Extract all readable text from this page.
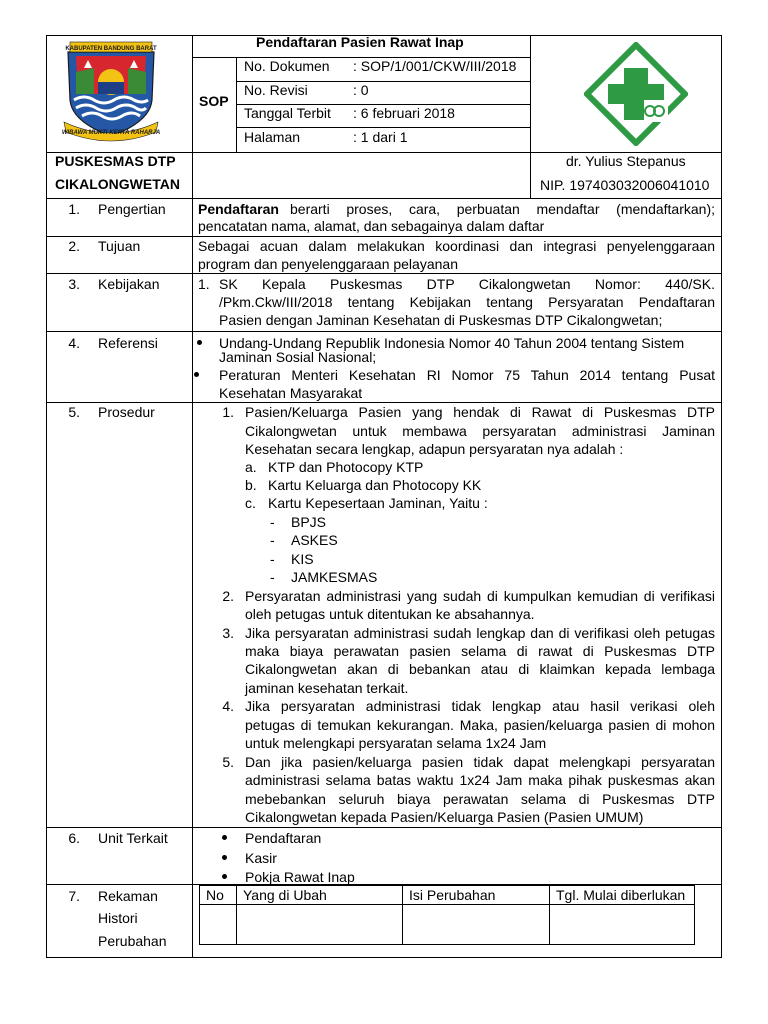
KABUPATEN BANDUNG BARAT
WIBAWA MUKTI KERTA RAHARJA
Pendaftaran Pasien Rawat Inap
SOP
No. Dokumen : SOP/1/001/CKW/III/2018
No. Revisi	: 0
Tanggal Terbit : 6 februari 2018
Halaman	: 1 dari 1
PUSKESMAS DTP
CIKALONGWETAN
dr. Yulius Stepanus
NIP. 197403032006041010
1. Pengertian Pendaftaran berarti proses, cara, perbuatan mendaftar (mendaftarkan);
pencatatan nama, alamat, dan sebagainya dalam daftar
2. Tujuan	Sebagai acuan dalam melakukan koordinasi dan integrasi penyelenggaraan
program dan penyelenggaraan pelayanan
3. Kebijakan	1. SK Kepala Puskesmas DTP Cikalongwetan Nomor: 440/SK.
/Pkm.Ckw/III/2018 tentang Kebijakan tentang Persyaratan Pendaftaran
Pasien dengan Jaminan Kesehatan di Puskesmas DTP Cikalongwetan;
4. Referensi	Undang-Undang Republik Indonesia Nomor 40 Tahun 2004 tentang Sistem
Jaminan Sosial Nasional;
Peraturan Menteri Kesehatan RI Nomor 75 Tahun 2014 tentang Pusat
Kesehatan Masyarakat
5. Prosedur	1. Pasien/Keluarga Pasien yang hendak di Rawat di Puskesmas DTP
Cikalongwetan untuk membawa persyaratan administrasi Jaminan
Kesehatan secara lengkap, adapun persyaratan nya adalah :
a. KTP dan Photocopy KTP
b. Kartu Keluarga dan Photocopy KK
c. Kartu Kepesertaan Jaminan, Yaitu :
- BPJS
- ASKES
- KIS
- JAMKESMAS
2. Persyaratan administrasi yang sudah di kumpulkan kemudian di verifikasi
oleh petugas untuk ditentukan ke absahannya.
3. Jika persyaratan administrasi sudah lengkap dan di verifikasi oleh petugas
maka biaya perawatan pasien selama di rawat di Puskesmas DTP
Cikalongwetan akan di bebankan atau di klaimkan kepada lembaga
jaminan kesehatan terkait.
4. Jika persyaratan administrasi tidak lengkap atau hasil verikasi oleh
petugas di temukan kekurangan. Maka, pasien/keluarga pasien di mohon
untuk melengkapi persyaratan selama 1x24 Jam
5. Dan jika pasien/keluarga pasien tidak dapat melengkapi persyaratan
administrasi selama batas waktu 1x24 Jam maka pihak puskesmas akan
mebebankan seluruh biaya perawatan selama di Puskesmas DTP
Cikalongwetan kepada Pasien/Keluarga Pasien (Pasien UMUM)
6. Unit Terkait	Pendaftaran
Kasir
Pokja Rawat Inap
7. Rekaman
Histori
Perubahan
No Yang di Ubah	Isi Perubahan	Tgl. Mulai diberlukan
